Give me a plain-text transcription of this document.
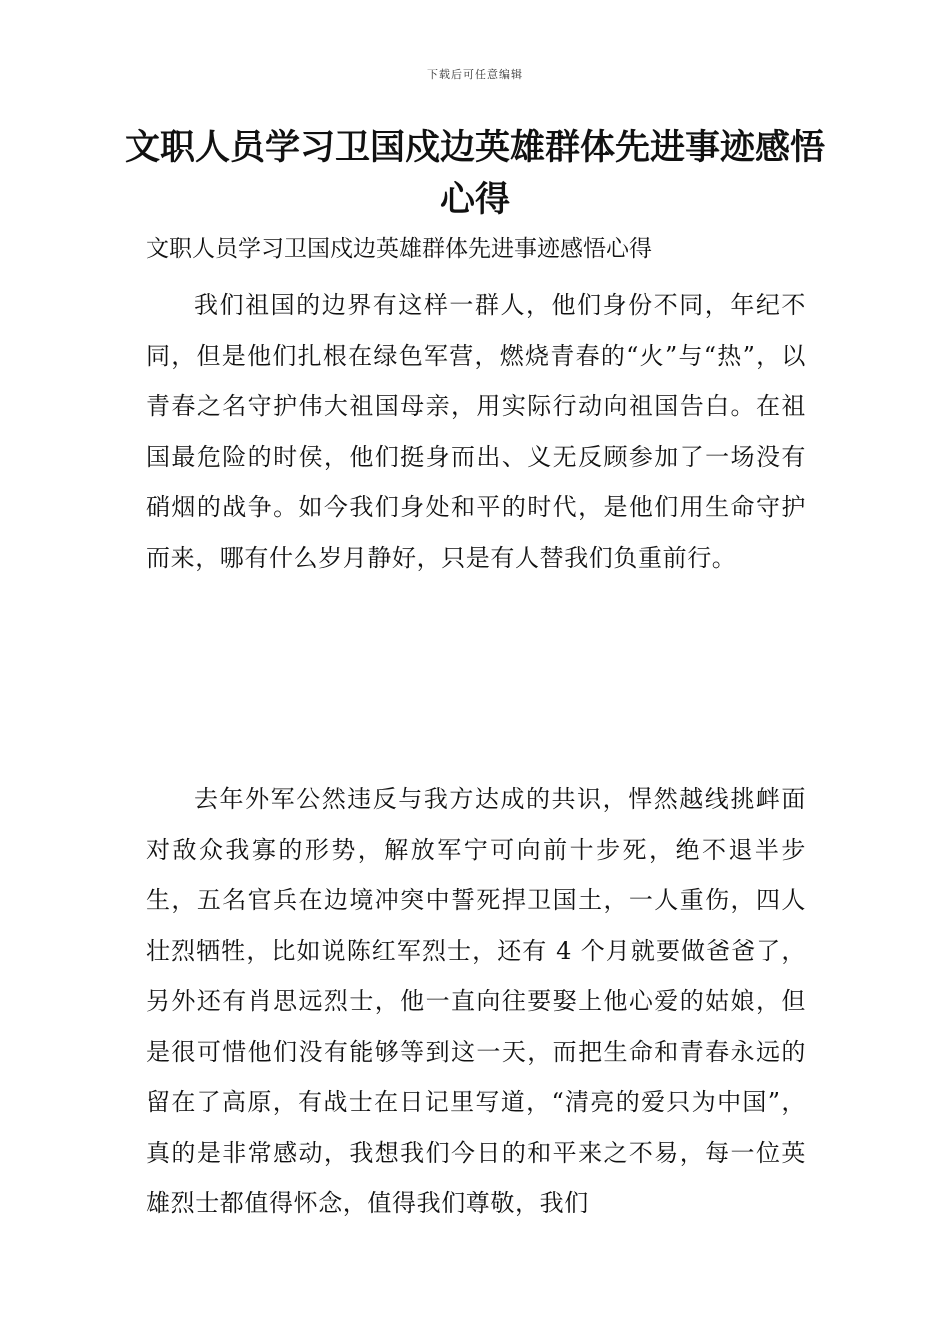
下载后可任意编辑
文职人员学习卫国戍边英雄群体先进事迹感悟心得

文职人员学习卫国戍边英雄群体先进事迹感悟心得

我们祖国的边界有这样一群人，他们身份不同，年纪不同，但是他们扎根在绿色军营，燃烧青春的“火”与“热”，以青春之名守护伟大祖国母亲，用实际行动向祖国告白。在祖国最危险的时侯，他们挺身而出、义无反顾参加了一场没有硝烟的战争。如今我们身处和平的时代，是他们用生命守护而来，哪有什么岁月静好，只是有人替我们负重前行。

去年外军公然违反与我方达成的共识，悍然越线挑衅面对敌众我寡的形势，解放军宁可向前十步死，绝不退半步生，五名官兵在边境冲突中誓死捍卫国土，一人重伤，四人壮烈牺牲，比如说陈红军烈士，还有 4 个月就要做爸爸了，另外还有肖思远烈士，他一直向往要娶上他心爱的姑娘，但是很可惜他们没有能够等到这一天，而把生命和青春永远的留在了高原，有战士在日记里写道，“清亮的爱只为中国”，真的是非常感动，我想我们今日的和平来之不易，每一位英雄烈士都值得怀念，值得我们尊敬，我们
